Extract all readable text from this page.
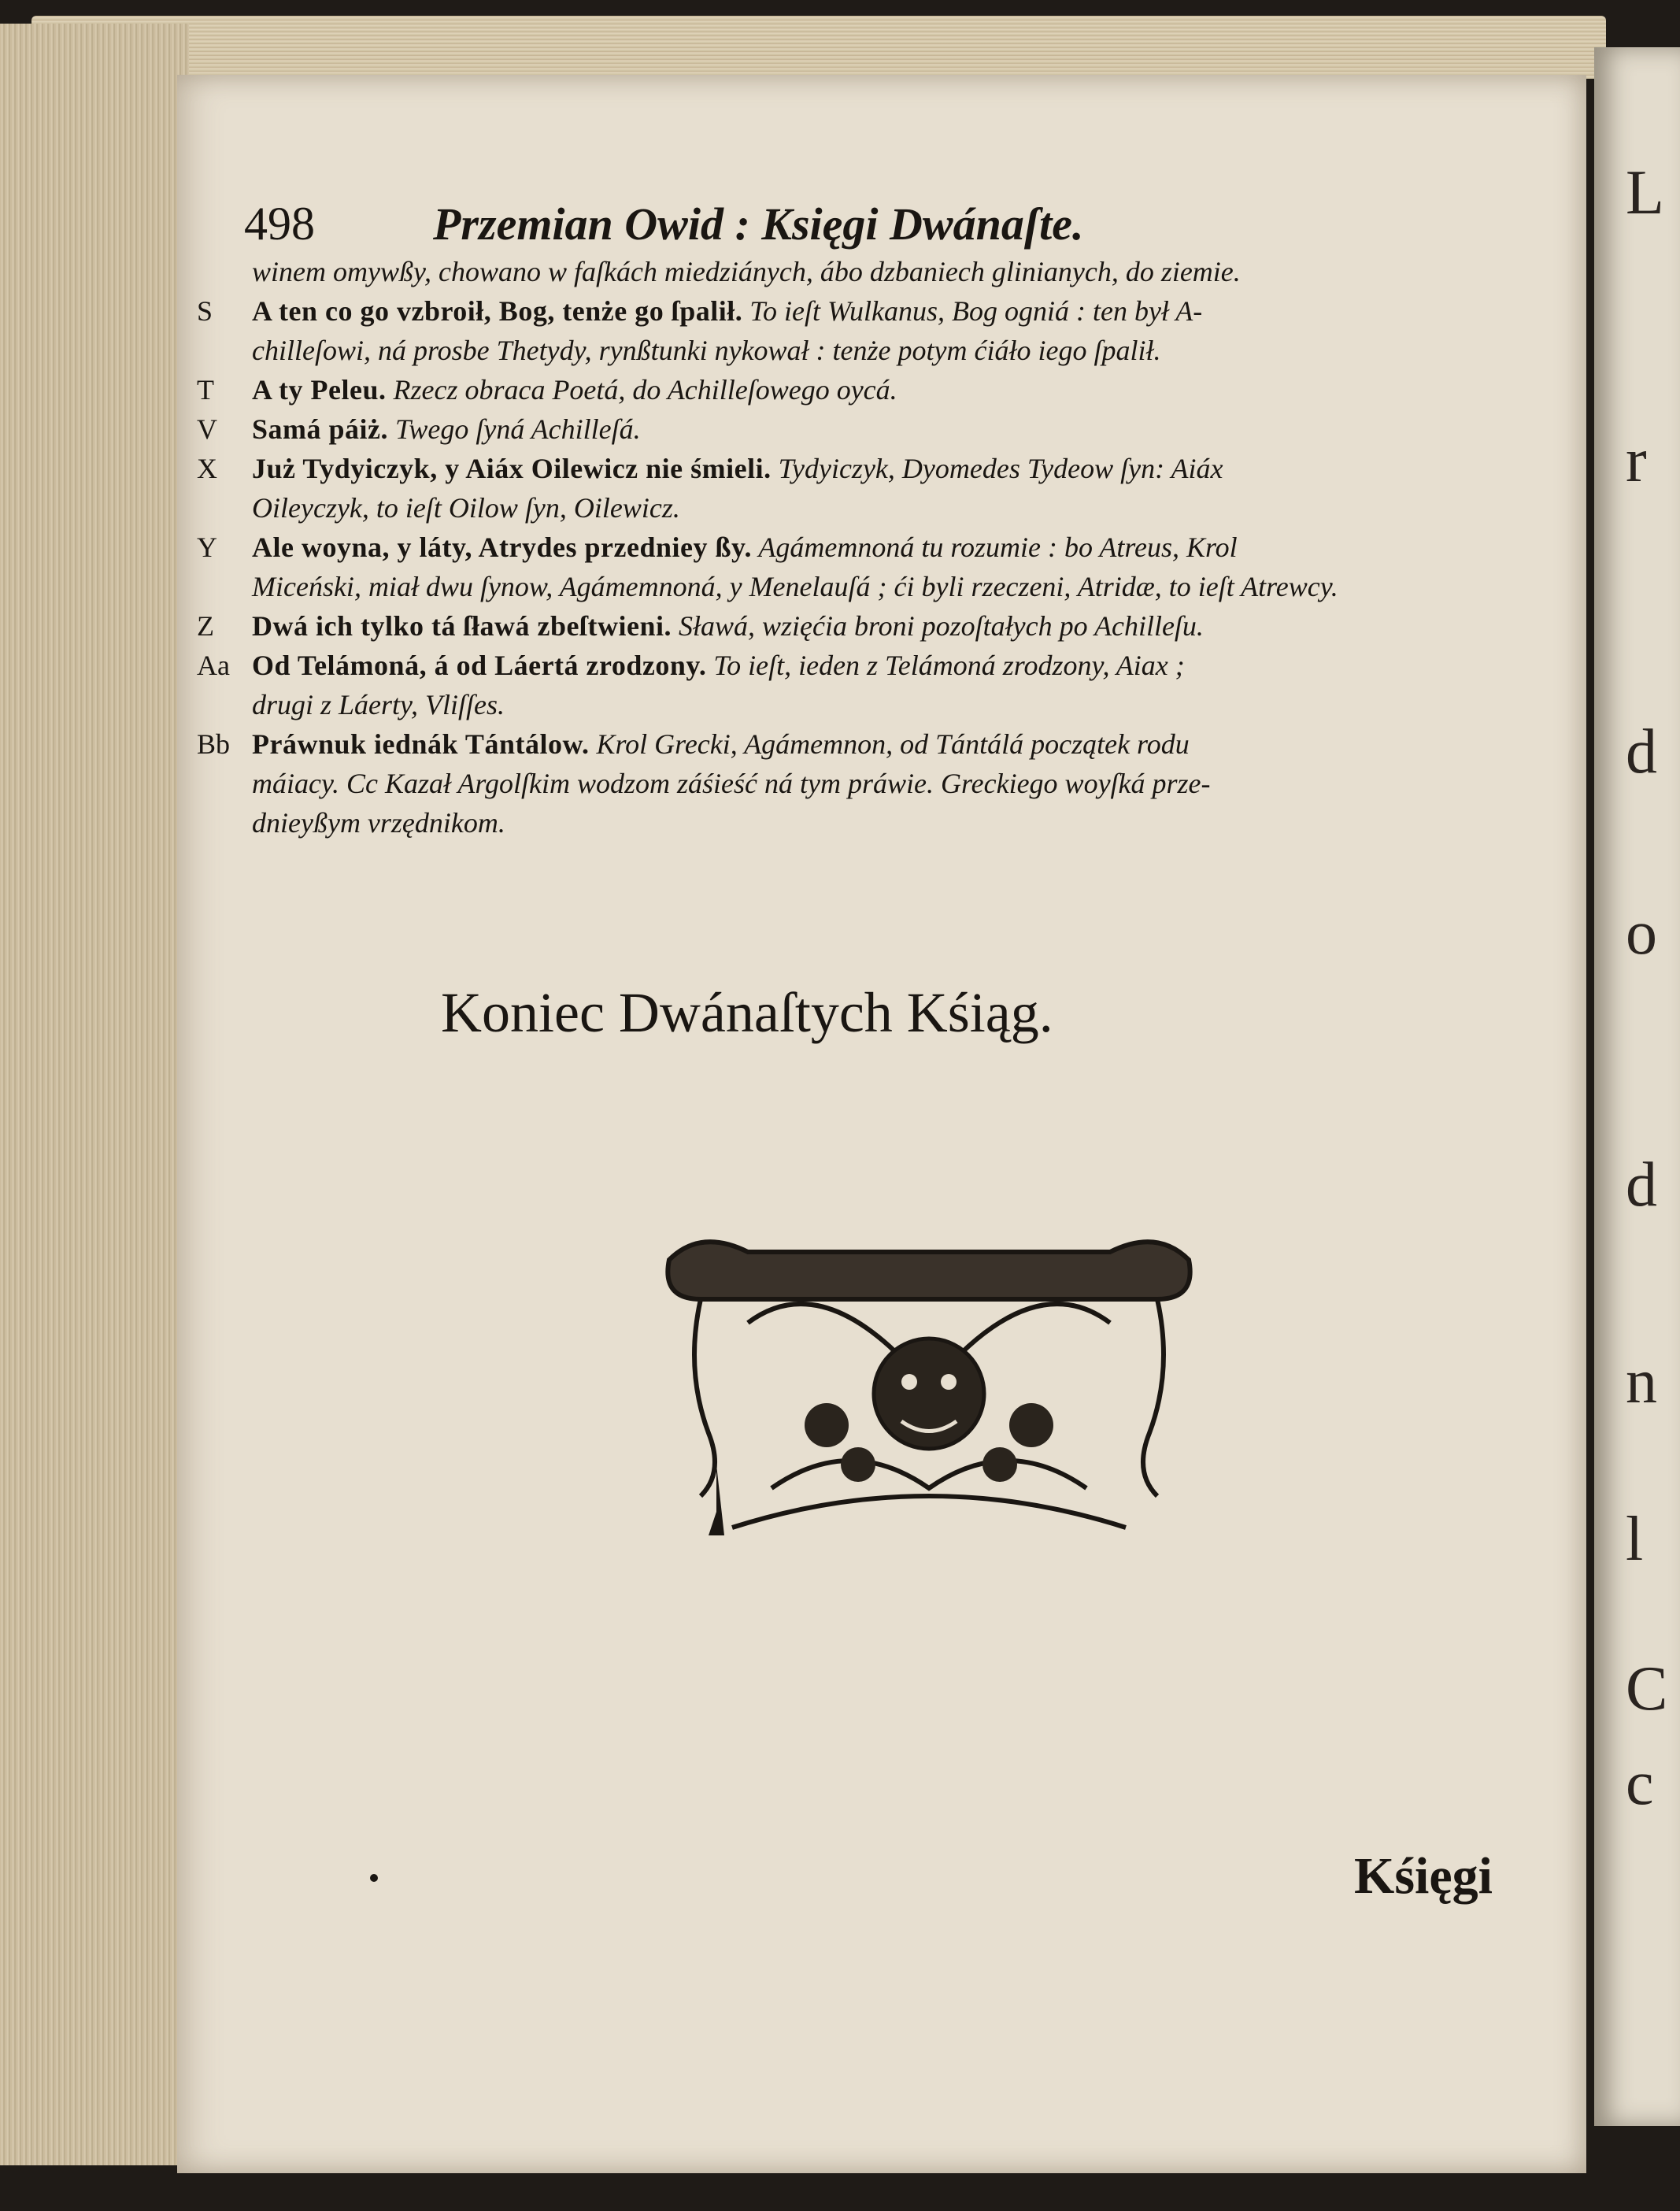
L
r
d
o
d
n
l
C
c
498	Przemian Owid : Księgi Dwánaſte.
winem omywßy, chowano w faſkách miedziánych, ábo dzbaniech glinianych, do ziemie.
S A ten co go vzbroił, Bog, tenże go ſpalił. To ieſt Wulkanus, Bog ogniá : ten był A-
chilleſowi, ná prosbe Thetydy, rynßtunki nykował : tenże potym ćiáło iego ſpalił.
T A ty Peleu. Rzecz obraca Poetá, do Achilleſowego oycá.
V Samá páiż. Twego ſyná Achilleſá.
X Już Tydyiczyk, y Aiáx Oilewicz nie śmieli. Tydyiczyk, Dyomedes Tydeow ſyn: Aiáx
Oileyczyk, to ieſt Oilow ſyn, Oilewicz.
Y Ale woyna, y láty, Atrydes przedniey ßy. Agámemnoná tu rozumie : bo Atreus, Krol
Miceński, miał dwu ſynow, Agámemnoná, y Menelauſá ; ći byli rzeczeni, Atridæ, to ieſt Atrewcy.
Z Dwá ich tylko tá ſławá zbeſtwieni. Sławá, wzięćia broni pozoſtałych po Achilleſu.
Aa Od Telámoná, á od Láertá zrodzony. To ieſt, ieden z Telámoná zrodzony, Aiax ;
drugi z Láerty, Vliſſes.
Bb Práwnuk iednák Tántálow. Krol Grecki, Agámemnon, od Tántálá początek rodu
máiacy. Cc Kazał Argolſkim wodzom záśieść ná tym práwie. Greckiego woyſká prze-
dnieyßym vrzędnikom.
Koniec Dwánaſtych Kśiąg.
Kśięgi
